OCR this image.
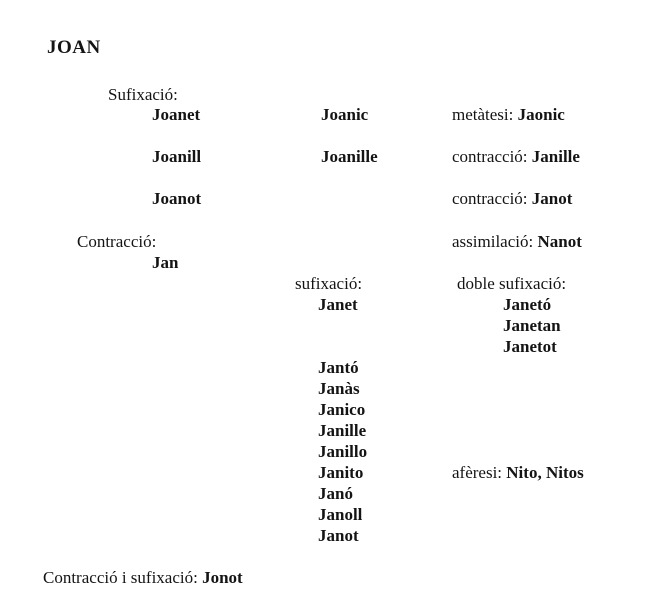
JOAN
Sufixació:
Joanet
Joanill
Joanot
Contracció:
Jan
Joanic
Joanille
sufixació:
Janet
Jantó
Janàs
Janico
Janille
Janillo
Janito
Janó
Janoll
Janot
metàtesi: Jaonic
contracció: Janille
contracció: Janot
assimilació: Nanot
doble sufixació:
Janetó
Janetan
Janetot
afèresi: Nito, Nitos
Contracció i sufixació: Jonot
